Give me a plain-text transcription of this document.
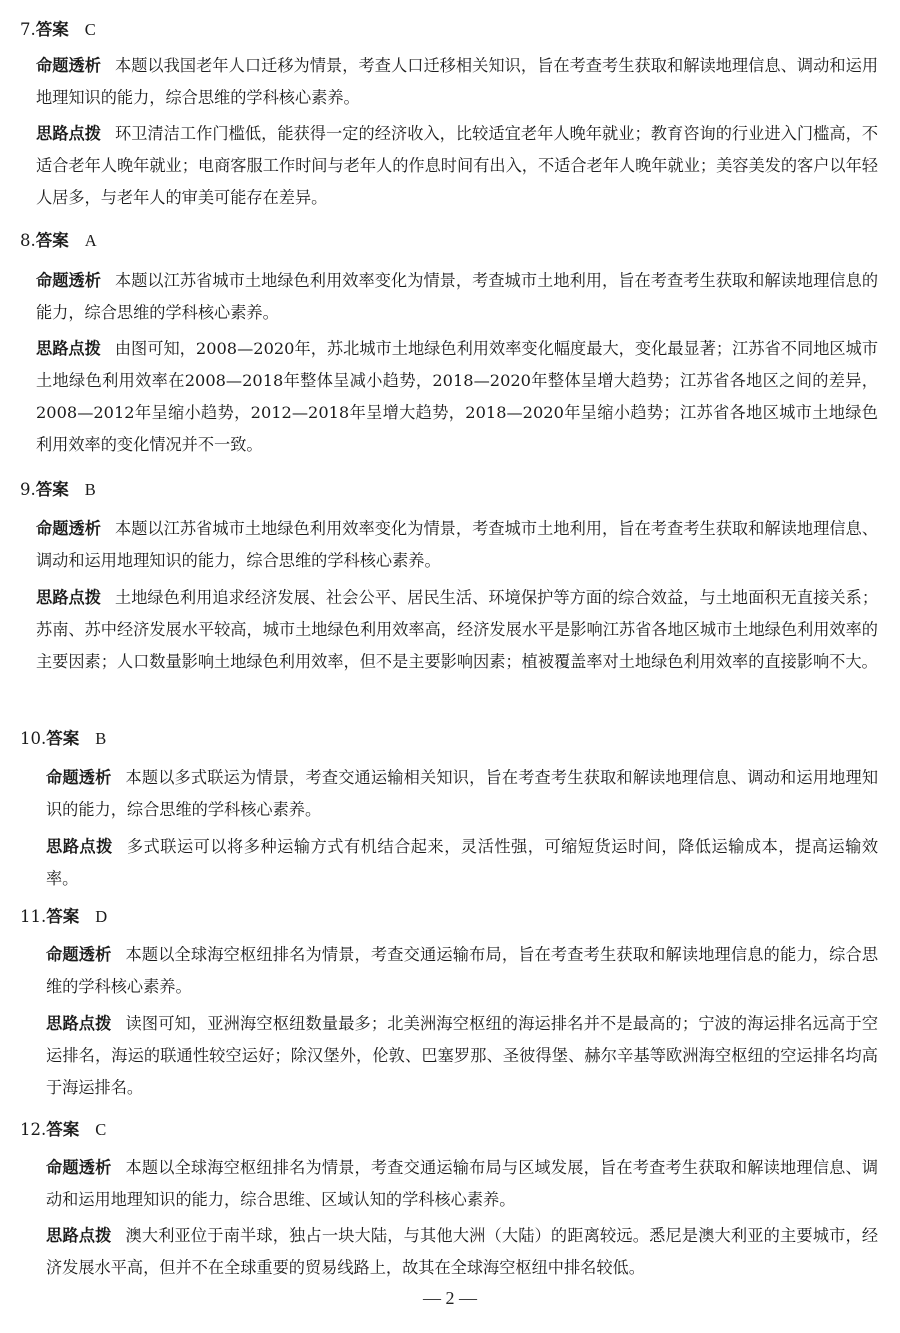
7.答案 C
命题透析 本题以我国老年人口迁移为情景，考查人口迁移相关知识，旨在考查考生获取和解读地理信息、调动和运用地理知识的能力，综合思维的学科核心素养。
思路点拨 环卫清洁工作门槛低，能获得一定的经济收入，比较适宜老年人晚年就业；教育咨询的行业进入门槛高，不适合老年人晚年就业；电商客服工作时间与老年人的作息时间有出入，不适合老年人晚年就业；美容美发的客户以年轻人居多，与老年人的审美可能存在差异。
8.答案 A
命题透析 本题以江苏省城市土地绿色利用效率变化为情景，考查城市土地利用，旨在考查考生获取和解读地理信息的能力，综合思维的学科核心素养。
思路点拨 由图可知，2008—2020年，苏北城市土地绿色利用效率变化幅度最大，变化最显著；江苏省不同地区城市土地绿色利用效率在2008—2018年整体呈减小趋势，2018—2020年整体呈增大趋势；江苏省各地区之间的差异，2008—2012年呈缩小趋势，2012—2018年呈增大趋势，2018—2020年呈缩小趋势；江苏省各地区城市土地绿色利用效率的变化情况并不一致。
9.答案 B
命题透析 本题以江苏省城市土地绿色利用效率变化为情景，考查城市土地利用，旨在考查考生获取和解读地理信息、调动和运用地理知识的能力，综合思维的学科核心素养。
思路点拨 土地绿色利用追求经济发展、社会公平、居民生活、环境保护等方面的综合效益，与土地面积无直接关系；苏南、苏中经济发展水平较高，城市土地绿色利用效率高，经济发展水平是影响江苏省各地区城市土地绿色利用效率的主要因素；人口数量影响土地绿色利用效率，但不是主要影响因素；植被覆盖率对土地绿色利用效率的直接影响不大。
10.答案 B
命题透析 本题以多式联运为情景，考查交通运输相关知识，旨在考查考生获取和解读地理信息、调动和运用地理知识的能力，综合思维的学科核心素养。
思路点拨 多式联运可以将多种运输方式有机结合起来，灵活性强，可缩短货运时间，降低运输成本，提高运输效率。
11.答案 D
命题透析 本题以全球海空枢纽排名为情景，考查交通运输布局，旨在考查考生获取和解读地理信息的能力，综合思维的学科核心素养。
思路点拨 读图可知，亚洲海空枢纽数量最多；北美洲海空枢纽的海运排名并不是最高的；宁波的海运排名远高于空运排名，海运的联通性较空运好；除汉堡外，伦敦、巴塞罗那、圣彼得堡、赫尔辛基等欧洲海空枢纽的空运排名均高于海运排名。
12.答案 C
命题透析 本题以全球海空枢纽排名为情景，考查交通运输布局与区域发展，旨在考查考生获取和解读地理信息、调动和运用地理知识的能力，综合思维、区域认知的学科核心素养。
思路点拨 澳大利亚位于南半球，独占一块大陆，与其他大洲（大陆）的距离较远。悉尼是澳大利亚的主要城市，经济发展水平高，但并不在全球重要的贸易线路上，故其在全球海空枢纽中排名较低。
— 2 —
